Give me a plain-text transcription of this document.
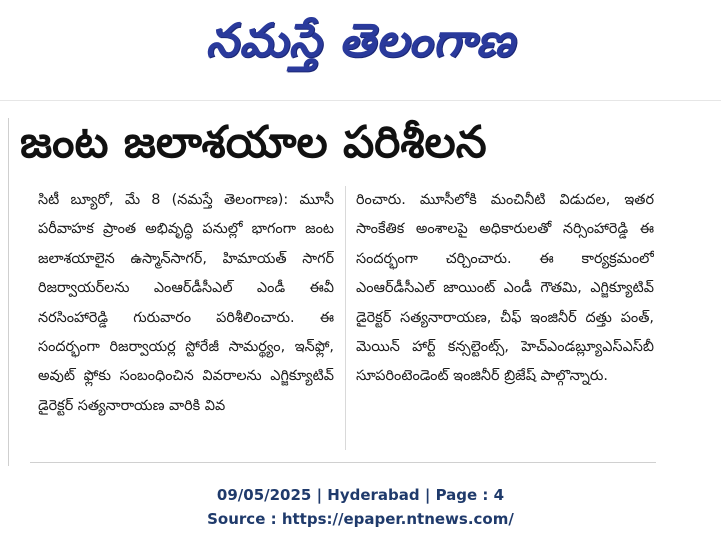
నమస్తే తెలంగాణ
జంట జలాశయాల పరిశీలన
సిటీ బ్యూరో, మే 8 (నమస్తే తెలంగాణ): మూసీ పరీవాహక ప్రాంత అభివృద్ధి పనుల్లో భాగంగా జంట జలాశయాలైన ఉస్మాన్‌సాగర్, హిమాయత్ సాగర్ రిజర్వాయర్‌లను ఎంఆర్‌డీసీఎల్ ఎండీ ఈవీ నరసింహారెడ్డి గురువారం పరిశీలించారు. ఈ సందర్భంగా రిజర్వాయర్ల స్టోరేజీ సామర్థ్యం, ఇన్‌ఫ్లో, అవుట్ ఫ్లోకు సంబంధించిన వివరాలను ఎగ్జిక్యూటివ్ డైరెక్టర్ సత్యనారాయణ వారికి వివ
రించారు. మూసీలోకి మంచినీటి విడుదల, ఇతర సాంకేతిక అంశాలపై అధికారులతో నర్సింహారెడ్డి ఈ సందర్భంగా చర్చించారు. ఈ కార్యక్రమంలో ఎంఆర్‌డీసీఎల్ జాయింట్ ఎండీ గౌతమి, ఎగ్జిక్యూటివ్ డైరెక్టర్ సత్యనారాయణ, చీఫ్ ఇంజినీర్ దత్తు పంత్, మెయిన్ హార్ట్ కన్సల్టెంట్స్, హెచ్‌ఎండబ్ల్యూఎస్‌ఎస్‌బీ సూపరింటెండెంట్ ఇంజినీర్ బ్రిజేష్ పాల్గొన్నారు.
09/05/2025 | Hyderabad | Page : 4
Source : https://epaper.ntnews.com/
